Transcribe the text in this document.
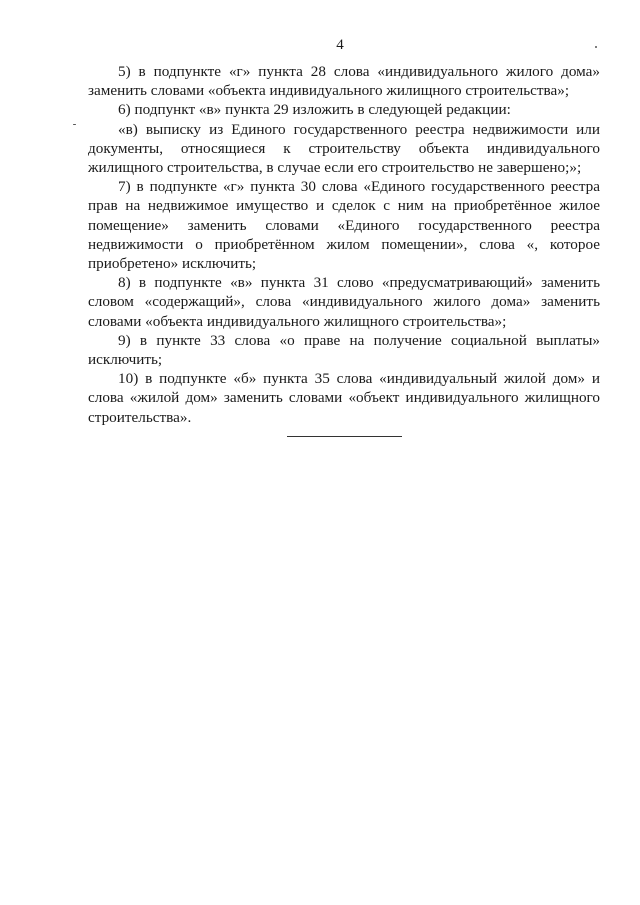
4

5) в подпункте «г» пункта 28 слова «индивидуального жилого дома» заменить словами «объекта индивидуального жилищного строительства»;

6) подпункт «в» пункта 29 изложить в следующей редакции:

«в) выписку из Единого государственного реестра недвижимости или документы, относящиеся к строительству объекта индивидуального жилищного строительства, в случае если его строительство не завершено;»;

7) в подпункте «г» пункта 30 слова «Единого государственного реестра прав на недвижимое имущество и сделок с ним на приобретённое жилое помещение» заменить словами «Единого государственного реестра недвижимости о приобретённом жилом помещении», слова «, которое приобретено» исключить;

8) в подпункте «в» пункта 31 слово «предусматривающий» заменить словом «содержащий», слова «индивидуального жилого дома» заменить словами «объекта индивидуального жилищного строительства»;

9) в пункте 33 слова «о праве на получение социальной выплаты» исключить;

10) в подпункте «б» пункта 35 слова «индивидуальный жилой дом» и слова «жилой дом» заменить словами «объект индивидуального жилищного строительства».
